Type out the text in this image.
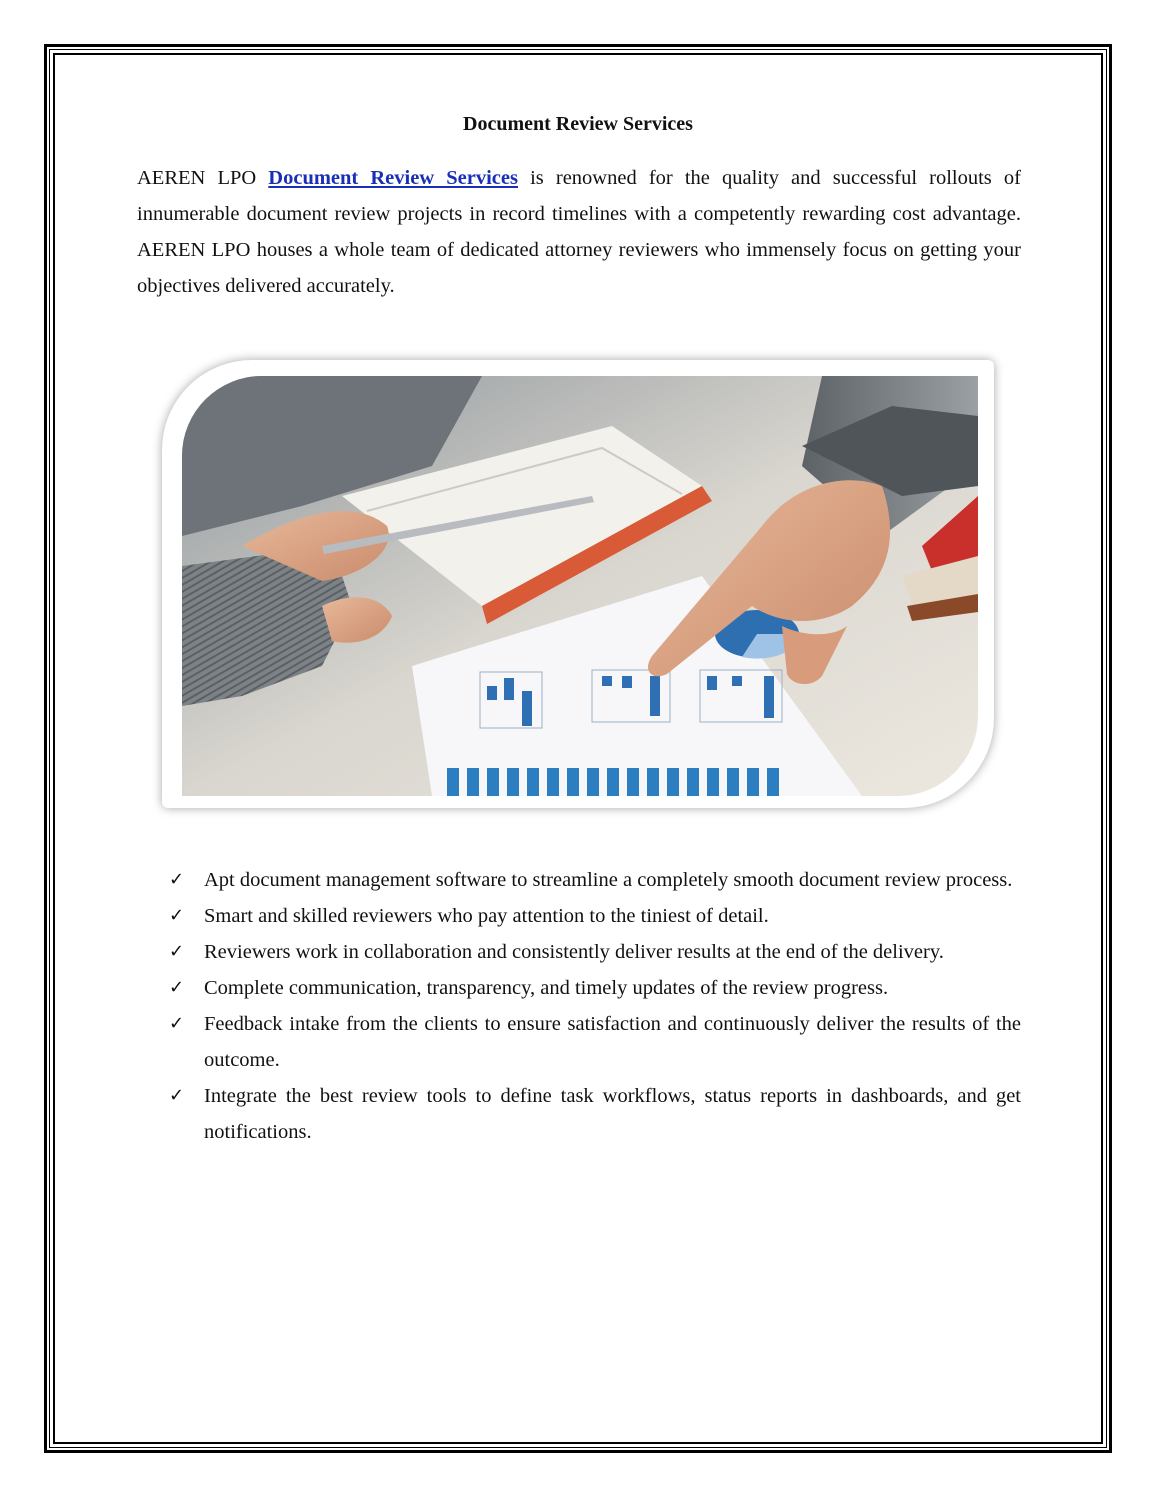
Document Review Services

AEREN LPO Document Review Services is renowned for the quality and successful rollouts of innumerable document review projects in record timelines with a competently rewarding cost advantage. AEREN LPO houses a whole team of dedicated attorney reviewers who immensely focus on getting your objectives delivered accurately.

✓ Apt document management software to streamline a completely smooth document review process.
✓ Smart and skilled reviewers who pay attention to the tiniest of detail.
✓ Reviewers work in collaboration and consistently deliver results at the end of the delivery.
✓ Complete communication, transparency, and timely updates of the review progress.
✓ Feedback intake from the clients to ensure satisfaction and continuously deliver the results of the outcome.
✓ Integrate the best review tools to define task workflows, status reports in dashboards, and get notifications.
